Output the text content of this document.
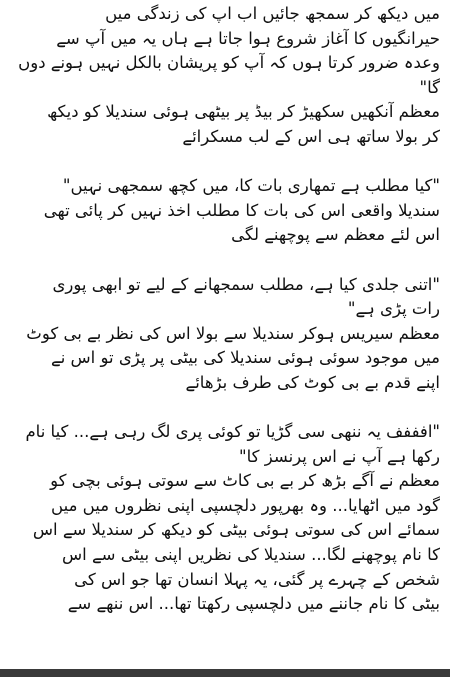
میں دیکھ کر سمجھ جائیں اب اپ کی زندگی میں
حیرانگیوں کا آغاز شروع ہوا جاتا ہے ہاں یہ میں آپ سے
وعدہ ضرور کرتا ہوں کہ آپ کو پریشان بالکل نہیں ہونے دوں
گا"
معظم آنکھیں سکھیڑ کر بیڈ پر بیٹھی ہوئی سندیلا کو دیکھ
کر بولا ساتھ ہی اس کے لب مسکرائے
"کیا مطلب ہے تمھاری بات کا، میں کچھ سمجھی نہیں"
سندیلا واقعی اس کی بات کا مطلب اخذ نہیں کر پائی تھی
اس لئے معظم سے پوچھنے لگی
"اتنی جلدی کیا ہے، مطلب سمجھانے کے لیے تو ابھی پوری
رات پڑی ہے"
معظم سیریس ہوکر سندیلا سے بولا اس کی نظر بے بی کوٹ
میں موجود سوئی ہوئی سندیلا کی بیٹی پر پڑی تو اس نے
اپنے قدم بے بی کوٹ کی طرف بڑھائے
"افففف یہ ننھی سی گڑیا تو کوئی پری لگ رہی ہے... کیا نام
رکھا ہے آپ نے اس پرنسز کا"
معظم نے آگے بڑھ کر بے بی کاٹ سے سوتی ہوئی بچی کو
گود میں اٹھایا... وہ بھرپور دلچسپی اپنی نظروں میں میں
سمائے اس کی سوتی ہوئی بیٹی کو دیکھ کر سندیلا سے اس
کا نام پوچھنے لگا... سندیلا کی نظریں اپنی بیٹی سے اس
شخص کے چہرے پر گئی، یہ پہلا انسان تھا جو اس کی
بیٹی کا نام جاننے میں دلچسپی رکھتا تھا... اس ننھے سے
